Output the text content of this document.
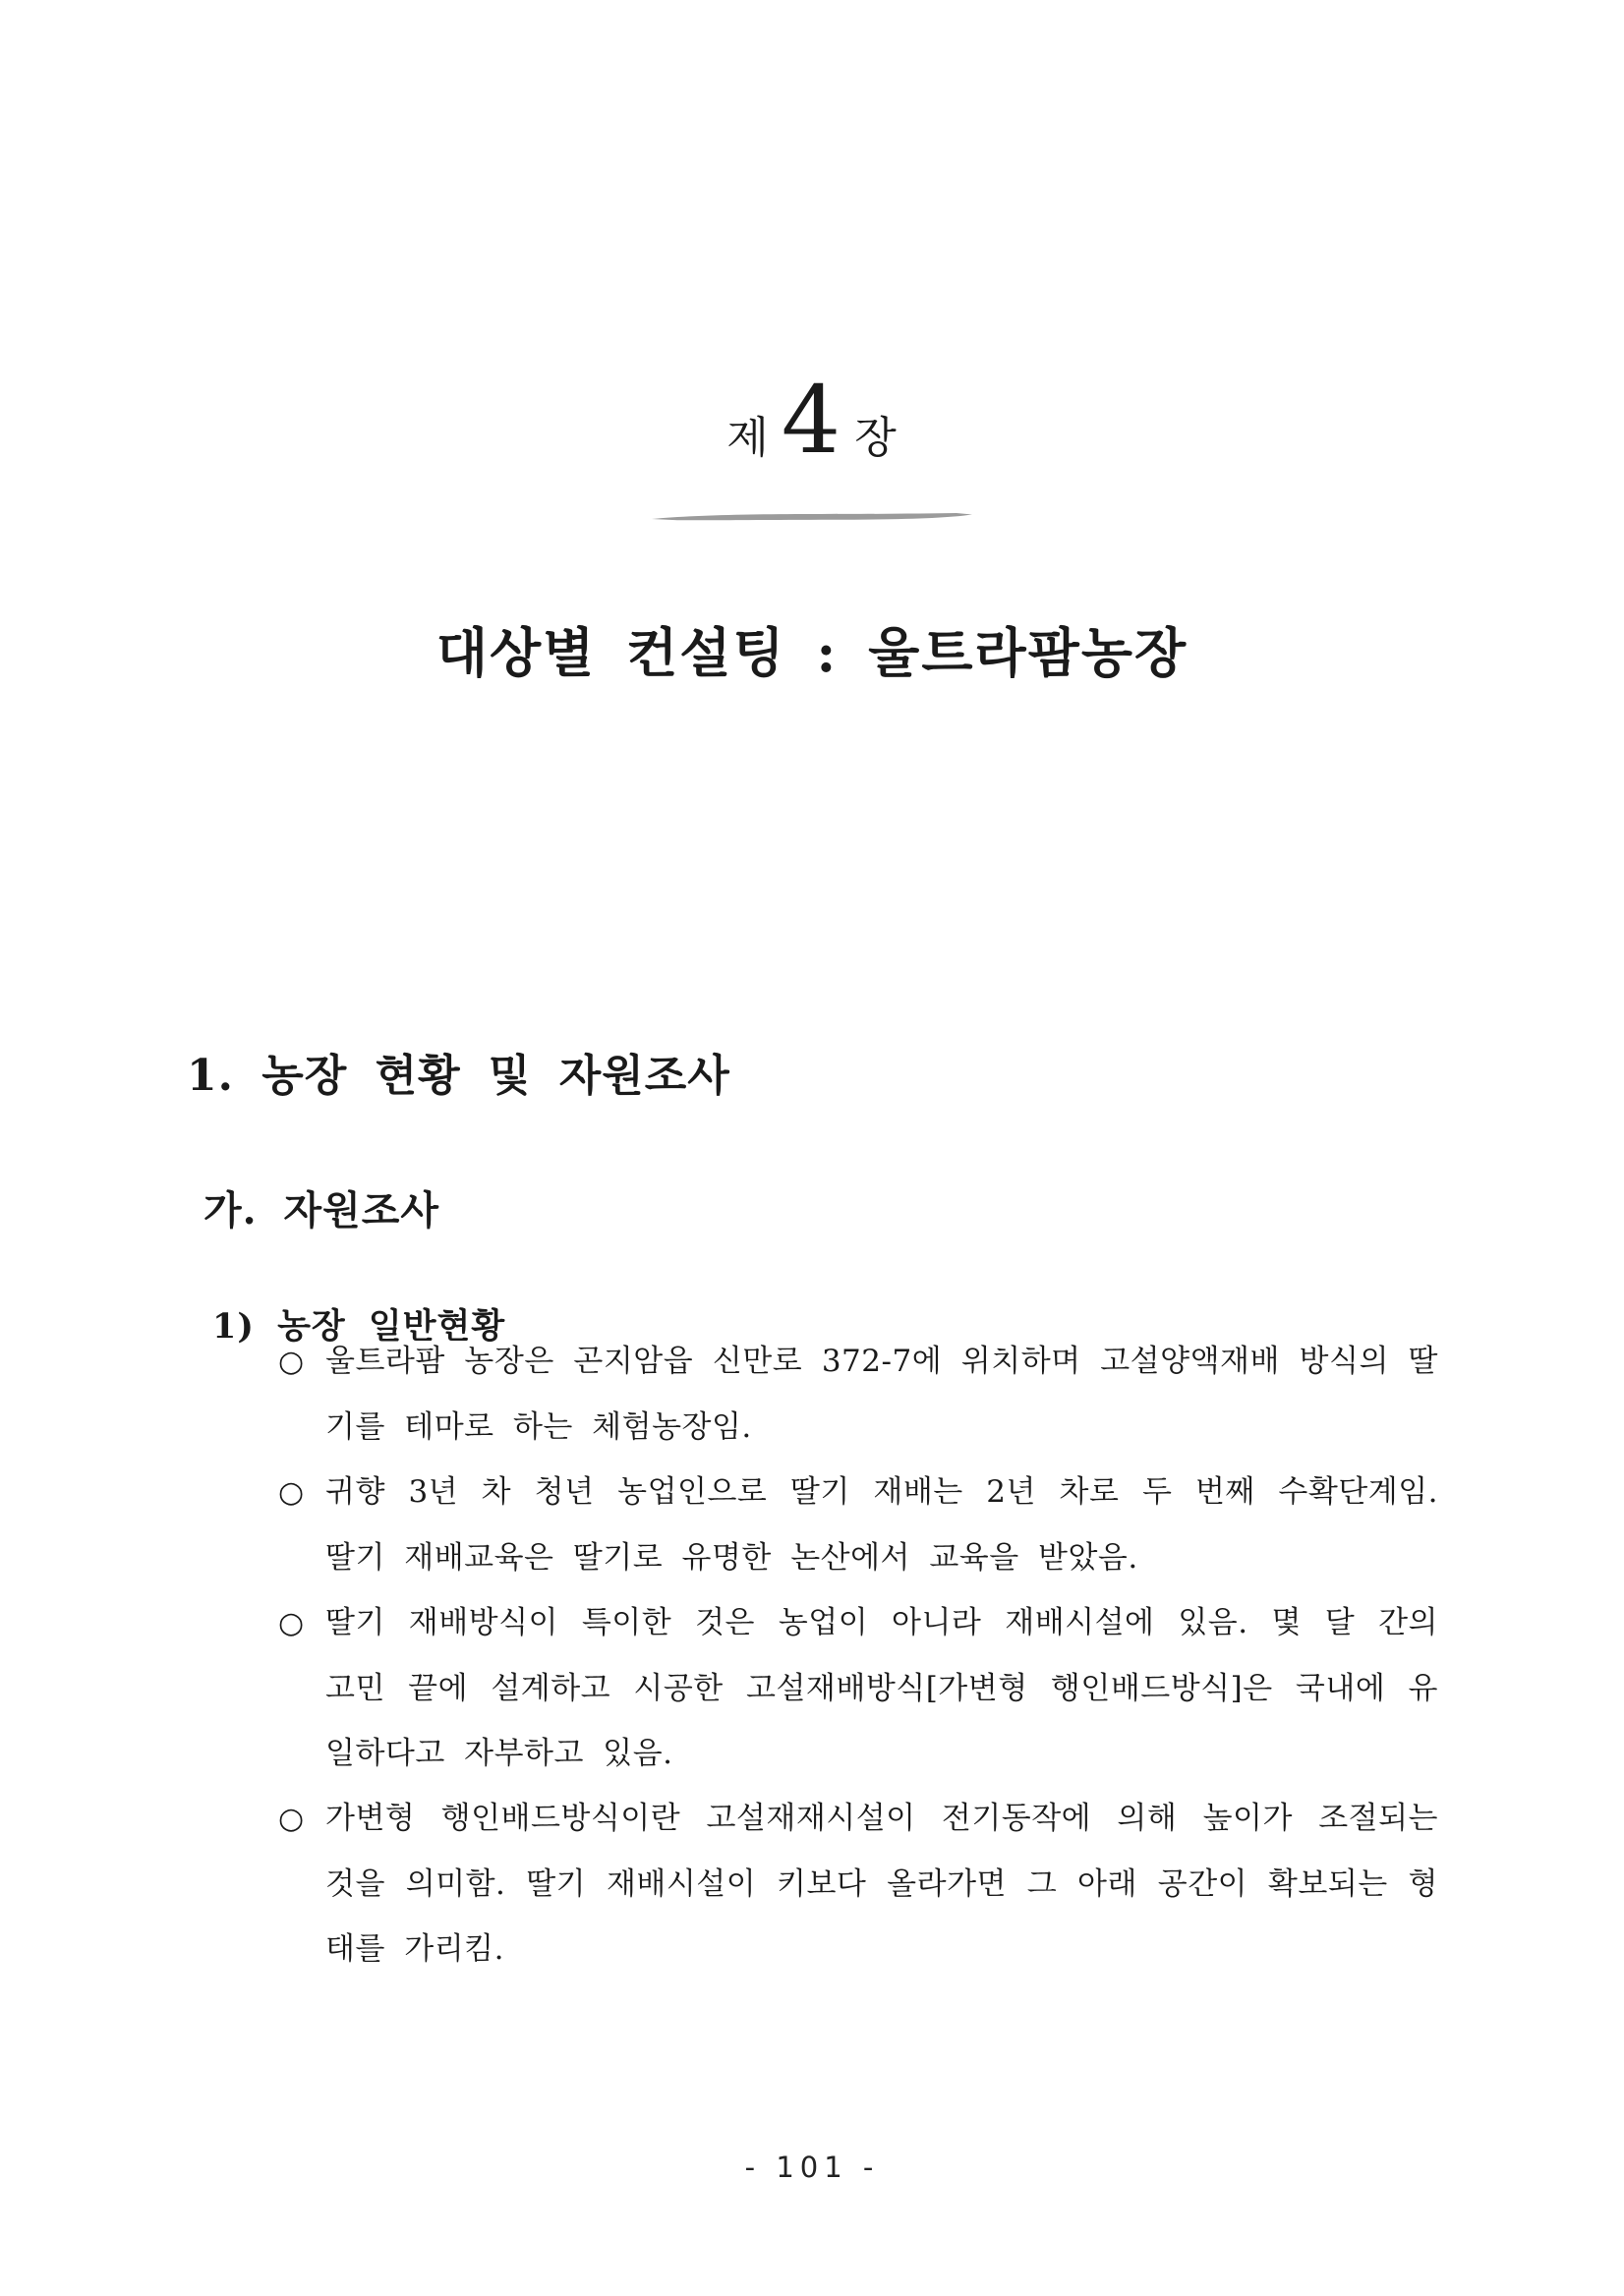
제 4 장
대상별 컨설팅 : 울트라팜농장
1. 농장 현황 및 자원조사
가. 자원조사
1) 농장 일반현황
○ 울트라팜 농장은 곤지암읍 신만로 372-7에 위치하며 고설양액재배 방식의 딸기를 테마로 하는 체험농장임.
○ 귀향 3년 차 청년 농업인으로 딸기 재배는 2년 차로 두 번째 수확단계임. 딸기 재배교육은 딸기로 유명한 논산에서 교육을 받았음.
○ 딸기 재배방식이 특이한 것은 농업이 아니라 재배시설에 있음. 몇 달 간의 고민 끝에 설계하고 시공한 고설재배방식[가변형 행인배드방식]은 국내에 유일하다고 자부하고 있음.
○ 가변형 행인배드방식이란 고설재재시설이 전기동작에 의해 높이가 조절되는 것을 의미함. 딸기 재배시설이 키보다 올라가면 그 아래 공간이 확보되는 형태를 가리킴.
- 101 -
